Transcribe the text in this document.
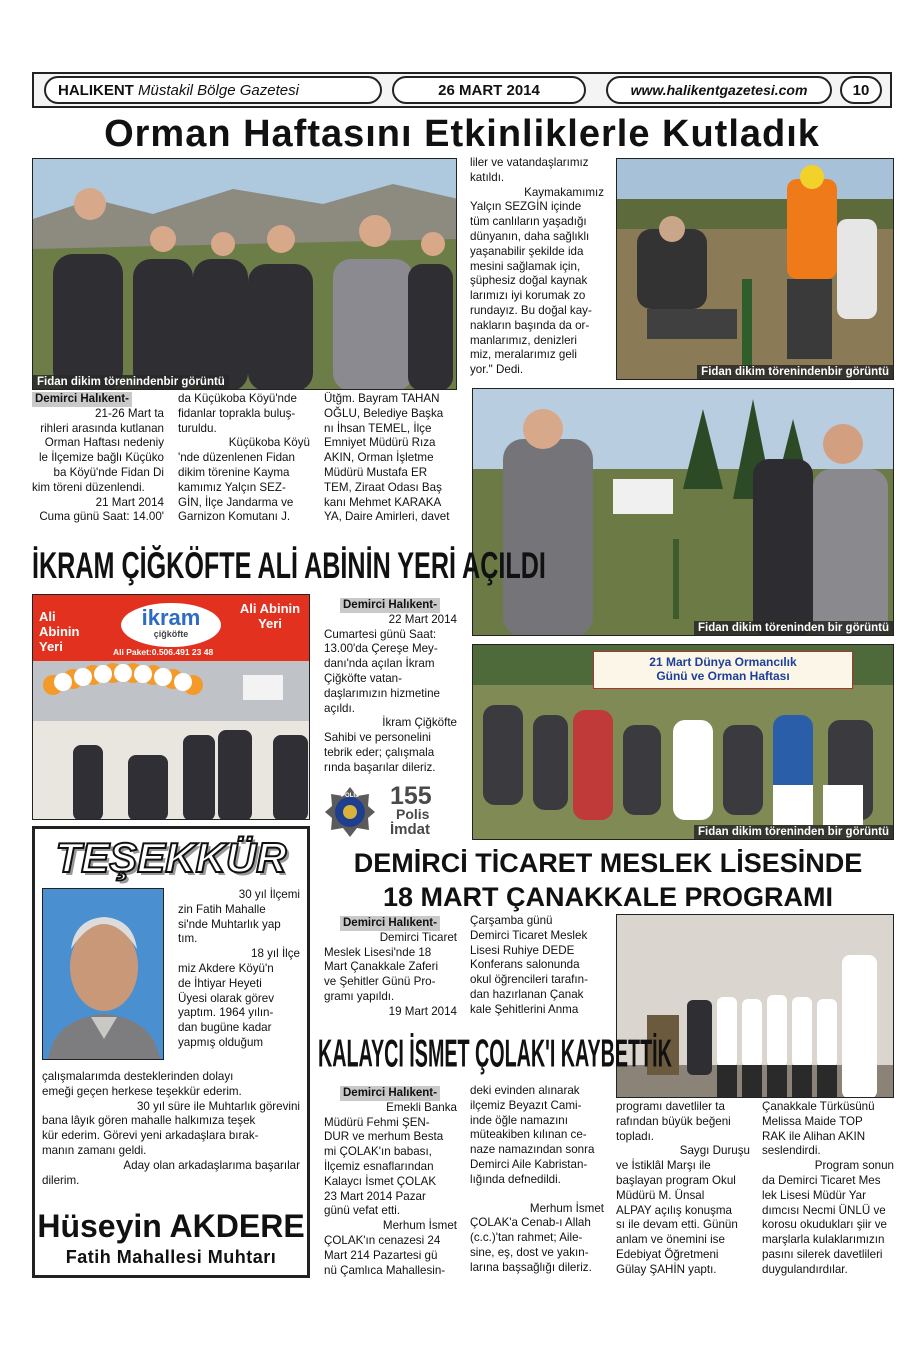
HALIKENT
Müstakil Bölge Gazetesi	26 MART 2014	www.halikentgazetesi.com	10
Orman Haftasını Etkinliklerle Kutladık
Fidan dikim törenindenbir görüntü
Demirci Halıkent-

21-26 Mart ta

rihleri arasında kutlanan

Orman Haftası nedeniy

le İlçemize bağlı Küçüko

ba Köyü'nde Fidan Di

kim töreni düzenlendi.

21 Mart 2014

Cuma günü Saat: 14.00'

da Küçükoba Köyü'nde

fidanlar toprakla buluş-

turuldu.

Küçükoba Köyü

'nde düzenlenen Fidan

dikim törenine Kayma

kamımız Yalçın SEZ-

GİN, İlçe Jandarma ve

Garnizon Komutanı J.

Ütğm. Bayram TAHAN

OĞLU, Belediye Başka

nı İhsan TEMEL, İlçe

Emniyet Müdürü Rıza

AKIN, Orman İşletme

Müdürü Mustafa ER

TEM, Ziraat Odası Baş

kanı Mehmet KARAKA

YA, Daire Amirleri, davet

liler ve vatandaşlarımız

katıldı.

Kaymakamımız

Yalçın SEZGİN içinde

tüm canlıların yaşadığı

dünyanın, daha sağlıklı

yaşanabilir şekilde ida

mesini sağlamak için,

şüphesiz doğal kaynak

larımızı iyi korumak zo

rundayız. Bu doğal kay-

nakların başında da or-

manlarımız, denizleri

miz, meralarımız geli

yor." Dedi.	Fidan dikim törenindenbir görüntü
Fidan dikim töreninden bir görüntü
21 Mart Dünya Ormancılık
Günü ve Orman Haftası
Fidan dikim töreninden bir görüntü
İKRAM ÇİĞKÖFTE ALİ ABİNİN YERİ AÇILDI
Ali Abinin Yeri
ikram
çiğköfte
Ali Abinin Yeri
Ali Paket:0.506.491 23 48
Demirci Halıkent-

22 Mart 2014

Cumartesi günü Saat:

13.00'da Çereşe Mey-

danı'nda açılan İkram

Çiğköfte vatan-

daşlarımızın hizmetine

açıldı.

İkram Çiğköfte

Sahibi ve personelini

tebrik eder; çalışmala

rında başarılar dileriz.

POLİS 155
Polis
İmdat
TEŞEKKÜR

30 yıl İlçemi

zin Fatih Mahalle

si'nde Muhtarlık yap

tım.

18 yıl İlçe

miz Akdere Köyü'n

de İhtiyar Heyeti

Üyesi olarak görev

yaptım. 1964 yılın-

dan bugüne kadar

yapmış olduğum

çalışmalarımda desteklerinden dolayı

emeği geçen herkese teşekkür ederim.

30 yıl süre ile Muhtarlık görevini

bana lâyık gören mahalle halkımıza teşek

kür ederim. Görevi yeni arkadaşlara bırak-

manın zamanı geldi.

Aday olan arkadaşlarıma başarılar

dilerim.

Hüseyin AKDERE
Fatih Mahallesi Muhtarı
DEMİRCİ TİCARET MESLEK LİSESİNDE
18 MART ÇANAKKALE PROGRAMI
Demirci Halıkent-

Demirci Ticaret

Meslek Lisesi'nde 18

Mart Çanakkale Zaferi

ve Şehitler Günü Pro-

gramı yapıldı.

19 Mart 2014

Çarşamba günü

Demirci Ticaret Meslek

Lisesi Ruhiye DEDE

Konferans salonunda

okul öğrencileri tarafın-

dan hazırlanan Çanak

kale Şehitlerini Anma

programı davetliler ta

rafından büyük beğeni

topladı.

Saygı Duruşu

ve İstiklâl Marşı ile

başlayan program Okul

Müdürü M. Ünsal

ALPAY açılış konuşma

sı ile devam etti. Günün

anlam ve önemini ise

Edebiyat Öğretmeni

Gülay ŞAHİN yaptı.

Çanakkale Türküsünü

Melissa Maide TOP

RAK ile Alihan AKIN

seslendirdi.

Program sonun

da Demirci Ticaret Mes

lek Lisesi Müdür Yar

dımcısı Necmi ÜNLÜ ve

korosu okudukları şiir ve

marşlarla kulaklarımızın

pasını silerek davetlileri

duygulandırdılar.

KALAYCI İSMET ÇOLAK'I KAYBETTİK
Demirci Halıkent-

Emekli Banka

Müdürü Fehmi ŞEN-

DUR ve merhum Besta

mi ÇOLAK'ın babası,

İlçemiz esnaflarından

Kalaycı İsmet ÇOLAK

23 Mart 2014 Pazar

günü vefat etti.

Merhum İsmet

ÇOLAK'ın cenazesi 24

Mart 214 Pazartesi gü

nü Çamlıca Mahallesin-

deki evinden alınarak

ilçemiz Beyazıt Cami-

inde öğle namazını

müteakiben kılınan ce-

naze namazından sonra

Demirci Aile Kabristan-

lığında defnedildi.

Merhum İsmet

ÇOLAK'a Cenab-ı Allah

(c.c.)'tan rahmet; Aile-

sine, eş, dost ve yakın-

larına başsağlığı dileriz.
